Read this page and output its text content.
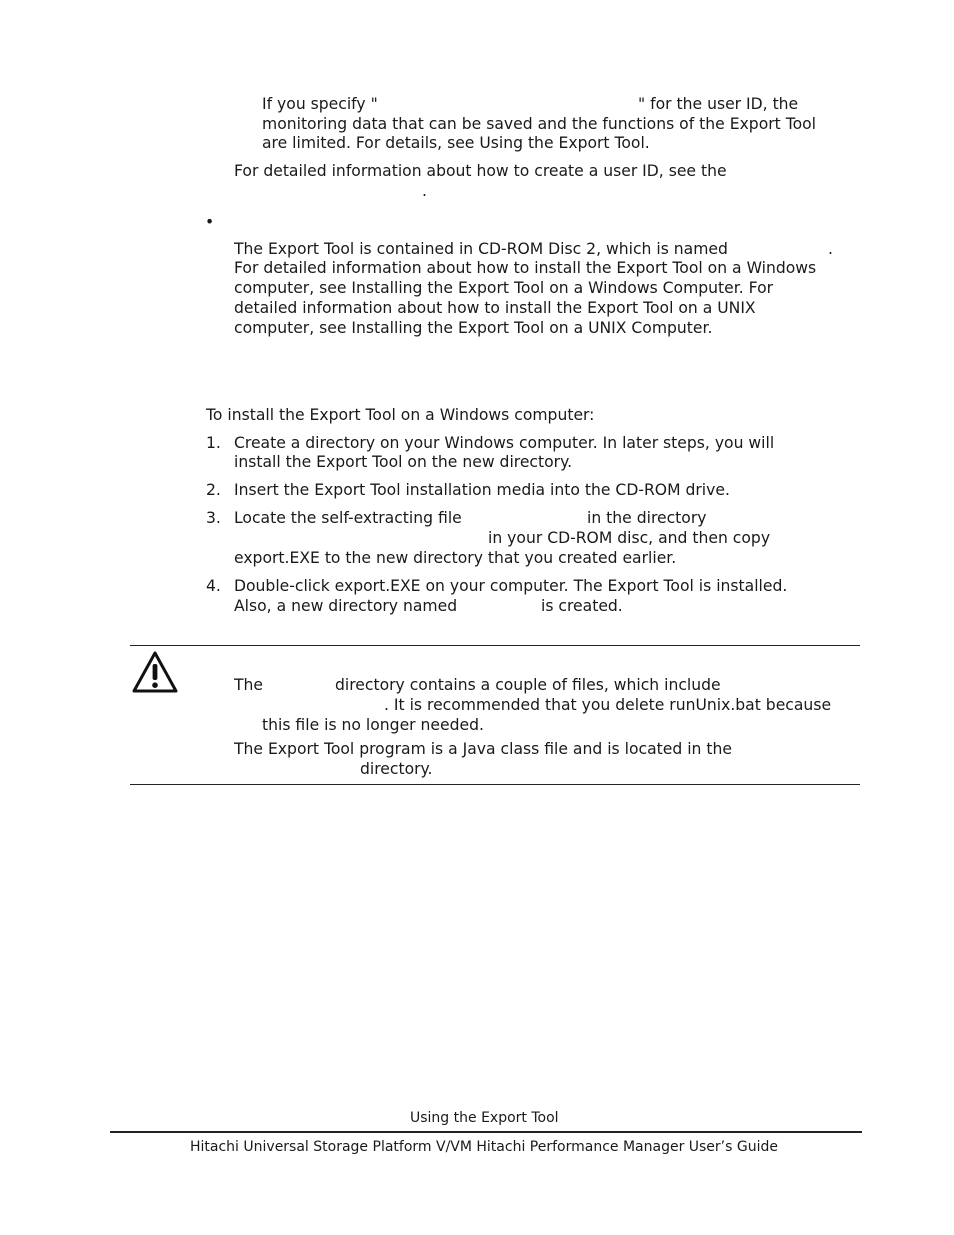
If you specify "	" for the user ID, the
monitoring data that can be saved and the functions of the Export Tool
are limited. For details, see Using the Export Tool.
For detailed information about how to create a user ID, see the
.
•
The Export Tool is contained in CD-ROM Disc 2, which is named	.
For detailed information about how to install the Export Tool on a Windows
computer, see Installing the Export Tool on a Windows Computer. For
detailed information about how to install the Export Tool on a UNIX
computer, see Installing the Export Tool on a UNIX Computer.
To install the Export Tool on a Windows computer:
1. Create a directory on your Windows computer. In later steps, you will
install the Export Tool on the new directory.
2. Insert the Export Tool installation media into the CD-ROM drive.
3. Locate the self-extracting file	in the directory
in your CD-ROM disc, and then copy
export.EXE to the new directory that you created earlier.
4. Double-click export.EXE on your computer. The Export Tool is installed.
Also, a new directory named	is created.
The	directory contains a couple of files, which include
. It is recommended that you delete runUnix.bat because
this file is no longer needed.
The Export Tool program is a Java class file and is located in the
directory.
Using the Export Tool
Hitachi Universal Storage Platform V/VM Hitachi Performance Manager User’s Guide
